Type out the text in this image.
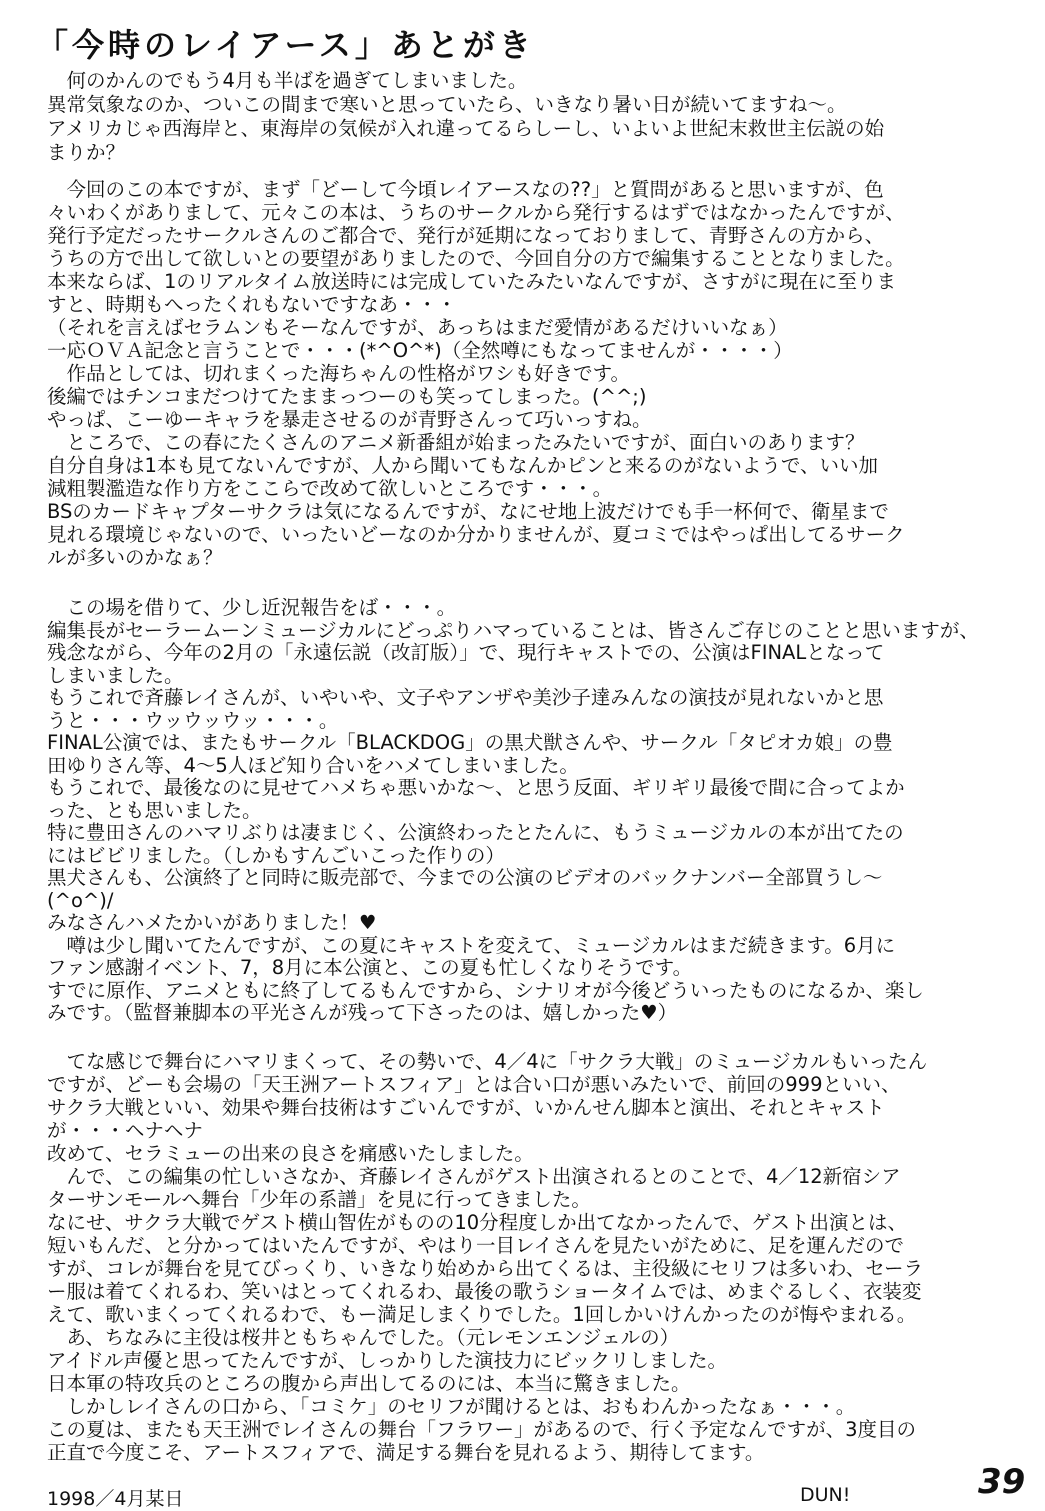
「今時のレイアース」あとがき
　何のかんのでもう4月も半ばを過ぎてしまいました。
異常気象なのか、ついこの間まで寒いと思っていたら、いきなり暑い日が続いてますね～。
アメリカじゃ西海岸と、東海岸の気候が入れ違ってるらしーし、いよいよ世紀末救世主伝説の始
まりか？
　今回のこの本ですが、まず「どーして今頃レイアースなの??」と質問があると思いますが、色
々いわくがありまして、元々この本は、うちのサークルから発行するはずではなかったんですが、
発行予定だったサークルさんのご都合で、発行が延期になっておりまして、青野さんの方から、
うちの方で出して欲しいとの要望がありましたので、今回自分の方で編集することとなりました。
本来ならば、1のリアルタイム放送時には完成していたみたいなんですが、さすがに現在に至りま
すと、時期もへったくれもないですなあ・・・
（それを言えばセラムンもそーなんですが、あっちはまだ愛情があるだけいいなぁ）
一応ＯＶＡ記念と言うことで・・・(*^O^*)（全然噂にもなってませんが・・・・）
　作品としては、切れまくった海ちゃんの性格がワシも好きです。
後編ではチンコまだつけてたままっつーのも笑ってしまった。(^^;)
やっぱ、こーゆーキャラを暴走させるのが青野さんって巧いっすね。
　ところで、この春にたくさんのアニメ新番組が始まったみたいですが、面白いのあります？
自分自身は1本も見てないんですが、人から聞いてもなんかピンと来るのがないようで、いい加
減粗製濫造な作り方をここらで改めて欲しいところです・・・。
BSのカードキャプターサクラは気になるんですが、なにせ地上波だけでも手一杯何で、衛星まで
見れる環境じゃないので、いったいどーなのか分かりませんが、夏コミではやっぱ出してるサーク
ルが多いのかなぁ？
　この場を借りて、少し近況報告をば・・・。
編集長がセーラームーンミュージカルにどっぷりハマっていることは、皆さんご存じのことと思いますが、
残念ながら、今年の2月の「永遠伝説（改訂版）」で、現行キャストでの、公演はFINALとなって
しまいました。
もうこれで斉藤レイさんが、いやいや、文子やアンザや美沙子達みんなの演技が見れないかと思
うと・・・ウッウッウッ・・・。
FINAL公演では、またもサークル「BLACKDOG」の黒犬獣さんや、サークル「タピオカ娘」の豊
田ゆりさん等、4～5人ほど知り合いをハメてしまいました。
もうこれで、最後なのに見せてハメちゃ悪いかな～、と思う反面、ギリギリ最後で間に合ってよか
った、とも思いました。
特に豊田さんのハマリぶりは凄まじく、公演終わったとたんに、もうミュージカルの本が出てたの
にはビビリました。（しかもすんごいこった作りの）
黒犬さんも、公演終了と同時に販売部で、今までの公演のビデオのバックナンバー全部買うし～
(^o^)/
みなさんハメたかいがありました！♥
　噂は少し聞いてたんですが、この夏にキャストを変えて、ミュージカルはまだ続きます。6月に
ファン感謝イベント、7，8月に本公演と、この夏も忙しくなりそうです。
すでに原作、アニメともに終了してるもんですから、シナリオが今後どういったものになるか、楽し
みです。（監督兼脚本の平光さんが残って下さったのは、嬉しかった♥）
　てな感じで舞台にハマリまくって、その勢いで、4／4に「サクラ大戦」のミュージカルもいったん
ですが、どーも会場の「天王洲アートスフィア」とは合い口が悪いみたいで、前回の999といい、
サクラ大戦といい、効果や舞台技術はすごいんですが、いかんせん脚本と演出、それとキャスト
が・・・ヘナヘナ
改めて、セラミューの出来の良さを痛感いたしました。
　んで、この編集の忙しいさなか、斉藤レイさんがゲスト出演されるとのことで、4／12新宿シア
ターサンモールへ舞台「少年の系譜」を見に行ってきました。
なにせ、サクラ大戦でゲスト横山智佐がものの10分程度しか出てなかったんで、ゲスト出演とは、
短いもんだ、と分かってはいたんですが、やはり一目レイさんを見たいがために、足を運んだので
すが、コレが舞台を見てびっくり、いきなり始めから出てくるは、主役級にセリフは多いわ、セーラ
ー服は着てくれるわ、笑いはとってくれるわ、最後の歌うショータイムでは、めまぐるしく、衣装変
えて、歌いまくってくれるわで、もー満足しまくりでした。1回しかいけんかったのが悔やまれる。
　あ、ちなみに主役は桜井ともちゃんでした。（元レモンエンジェルの）
アイドル声優と思ってたんですが、しっかりした演技力にビックリしました。
日本軍の特攻兵のところの腹から声出してるのには、本当に驚きました。
　しかしレイさんの口から、「コミケ」のセリフが聞けるとは、おもわんかったなぁ・・・。
この夏は、またも天王洲でレイさんの舞台「フラワー」があるので、行く予定なんですが、3度目の
正直で今度こそ、アートスフィアで、満足する舞台を見れるよう、期待してます。
1998／4月某日	DUN!	39
